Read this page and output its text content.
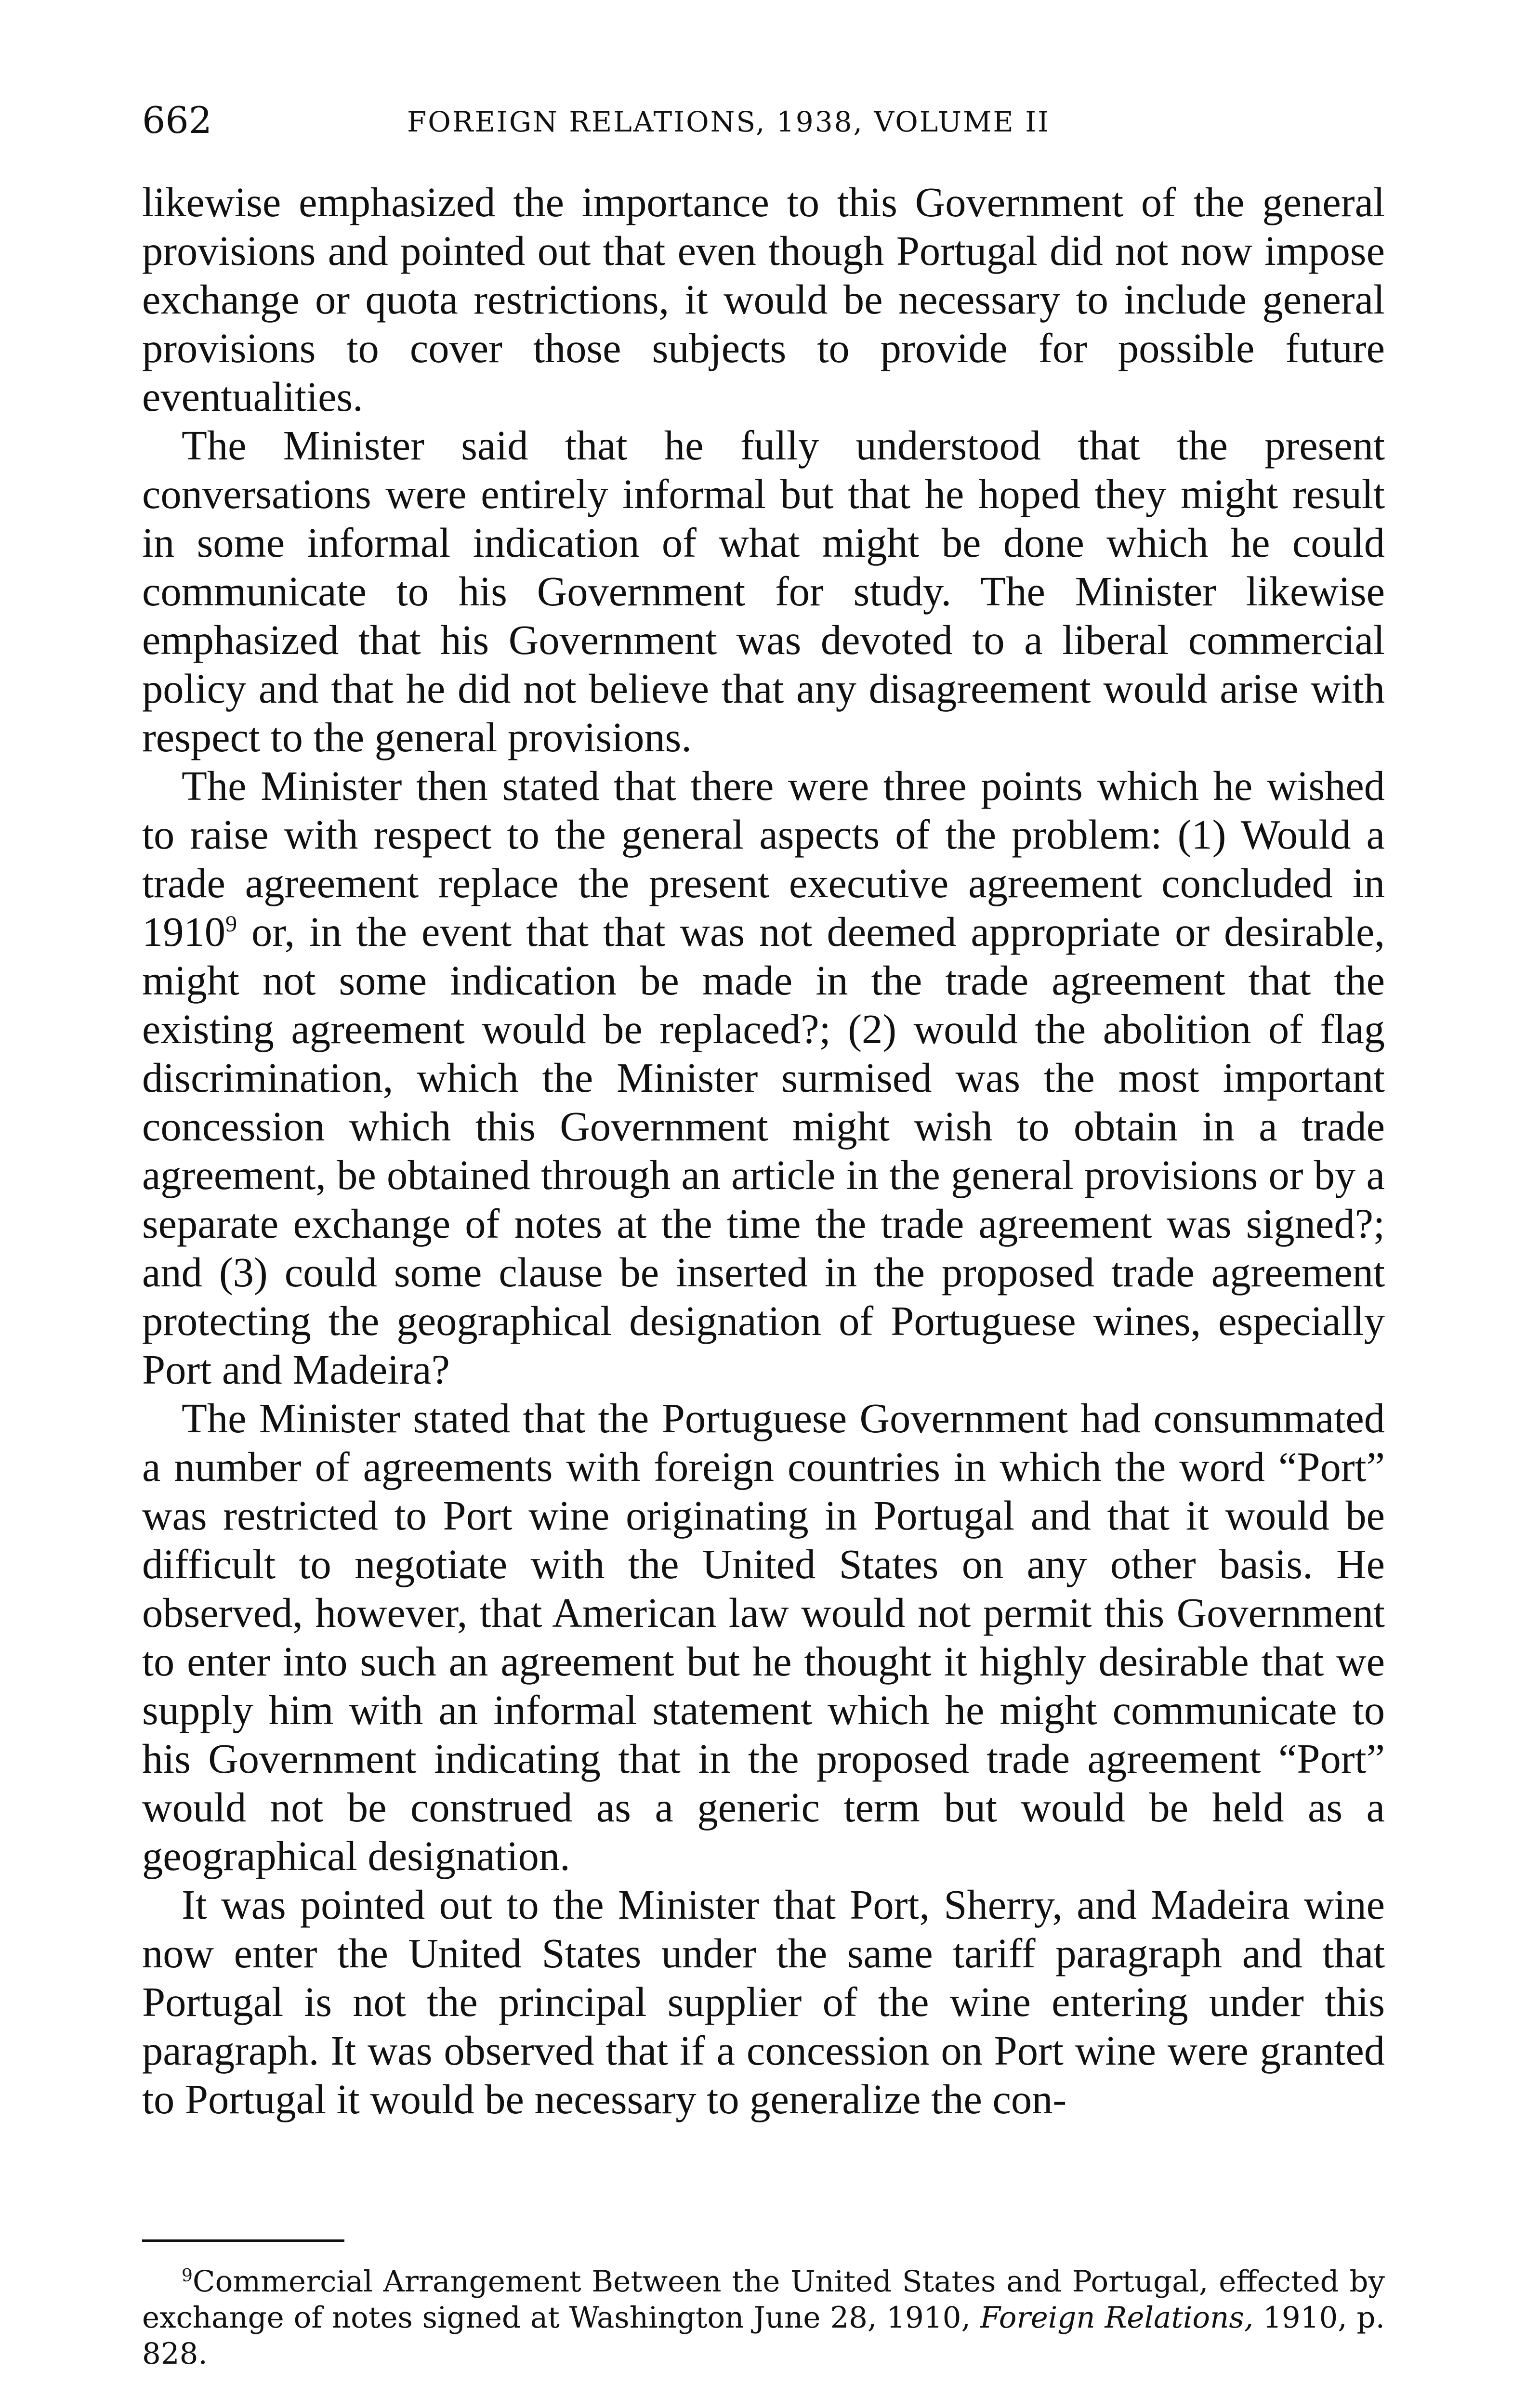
662	FOREIGN RELATIONS, 1938, VOLUME II

likewise emphasized the importance to this Government of the general provisions and pointed out that even though Portugal did not now impose exchange or quota restrictions, it would be necessary to include general provisions to cover those subjects to provide for possible future eventualities.

The Minister said that he fully understood that the present conversations were entirely informal but that he hoped they might result in some informal indication of what might be done which he could communicate to his Government for study. The Minister likewise emphasized that his Government was devoted to a liberal commercial policy and that he did not believe that any disagreement would arise with respect to the general provisions.

The Minister then stated that there were three points which he wished to raise with respect to the general aspects of the problem: (1) Would a trade agreement replace the present executive agreement concluded in 1910$^9$ or, in the event that that was not deemed appropriate or desirable, might not some indication be made in the trade agreement that the existing agreement would be replaced?; (2) would the abolition of flag discrimination, which the Minister surmised was the most important concession which this Government might wish to obtain in a trade agreement, be obtained through an article in the general provisions or by a separate exchange of notes at the time the trade agreement was signed?; and (3) could some clause be inserted in the proposed trade agreement protecting the geographical designation of Portuguese wines, especially Port and Madeira?

The Minister stated that the Portuguese Government had consummated a number of agreements with foreign countries in which the word “Port” was restricted to Port wine originating in Portugal and that it would be difficult to negotiate with the United States on any other basis. He observed, however, that American law would not permit this Government to enter into such an agreement but he thought it highly desirable that we supply him with an informal statement which he might communicate to his Government indicating that in the proposed trade agreement “Port” would not be construed as a generic term but would be held as a geographical designation.

It was pointed out to the Minister that Port, Sherry, and Madeira wine now enter the United States under the same tariff paragraph and that Portugal is not the principal supplier of the wine entering under this paragraph. It was observed that if a concession on Port wine were granted to Portugal it would be necessary to generalize the con-

$^9$Commercial Arrangement Between the United States and Portugal, effected by exchange of notes signed at Washington June 28, 1910, Foreign Relations, 1910, p. 828.
